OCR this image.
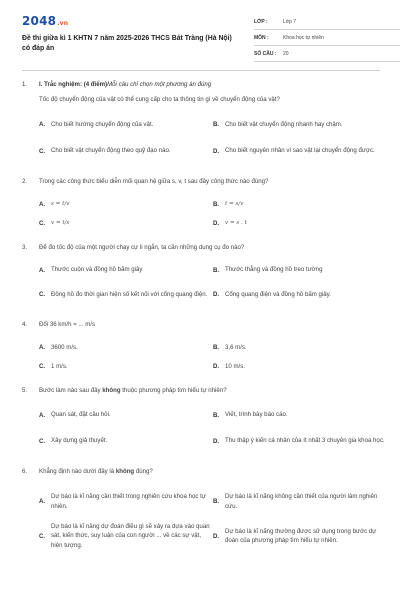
2048.vn
Đề thi giữa kì 1 KHTN 7 năm 2025-2026 THCS Bát Tràng (Hà Nội) có đáp án
LỚP :	Lớp 7
MÔN :	Khoa học tự nhiên
SỐ CÂU :	20
1.	I. Trắc nghiệm: (4 điểm)Mỗi câu chỉ chọn một phương án đúng
Tốc độ chuyển động của vật có thể cung cấp cho ta thông tin gì về chuyển động của vật?
A. Cho biết hướng chuyển động của vật.	B. Cho biết vật chuyển động nhanh hay chậm.
C. Cho biết vật chuyển động theo quỹ đạo nào.	D. Cho biết nguyên nhân vì sao vật lại chuyển động được.
2.	Trong các công thức biểu diễn mối quan hệ giữa s, v, t sau đây công thức nào đúng?
A.	s = t/v	B.	t = s/v
C.	v = t/s	D.	v = s . t
3.	Để đo tốc độ của một người chạy cự li ngắn, ta cần những dụng cụ đo nào?
A. Thước cuộn và đồng hồ bấm giây	B. Thước thẳng và đồng hồ treo tường
C. Đồng hồ đo thời gian hiện số kết nối với cổng quang điện. D. Cổng quang điện và đồng hồ bấm giây.
4.	Đổi 36 km/h = ... m/s
A. 3600 m/s.	B. 3,6 m/s.
C. 1 m/s.	D. 10 m/s.
5.	Bước làm nào sau đây không thuộc phương pháp tìm hiểu tự nhiên?
A. Quan sát, đặt câu hỏi.	B. Viết, trình bày báo cáo.
C. Xây dựng giả thuyết.	D. Thu thập ý kiến cá nhân của ít nhất 3 chuyên gia khoa học.
6.	Khẳng định nào dưới đây là không đúng?
A.
Dự báo là kĩ năng cần thiết trong nghiên cứu khoa học tự nhiên.
B.
Dự báo là kĩ năng không cần thiết của người làm nghiên cứu.
C.
Dự báo là kĩ năng dự đoán điều gì sẽ xảy ra dựa vào quan sát, kiến thức, suy luận của con người ... về các sự vật, hiện tượng.
D.
Dự báo là kĩ năng thường được sử dụng trong bước dự đoán của phương pháp tìm hiểu tự nhiên.
